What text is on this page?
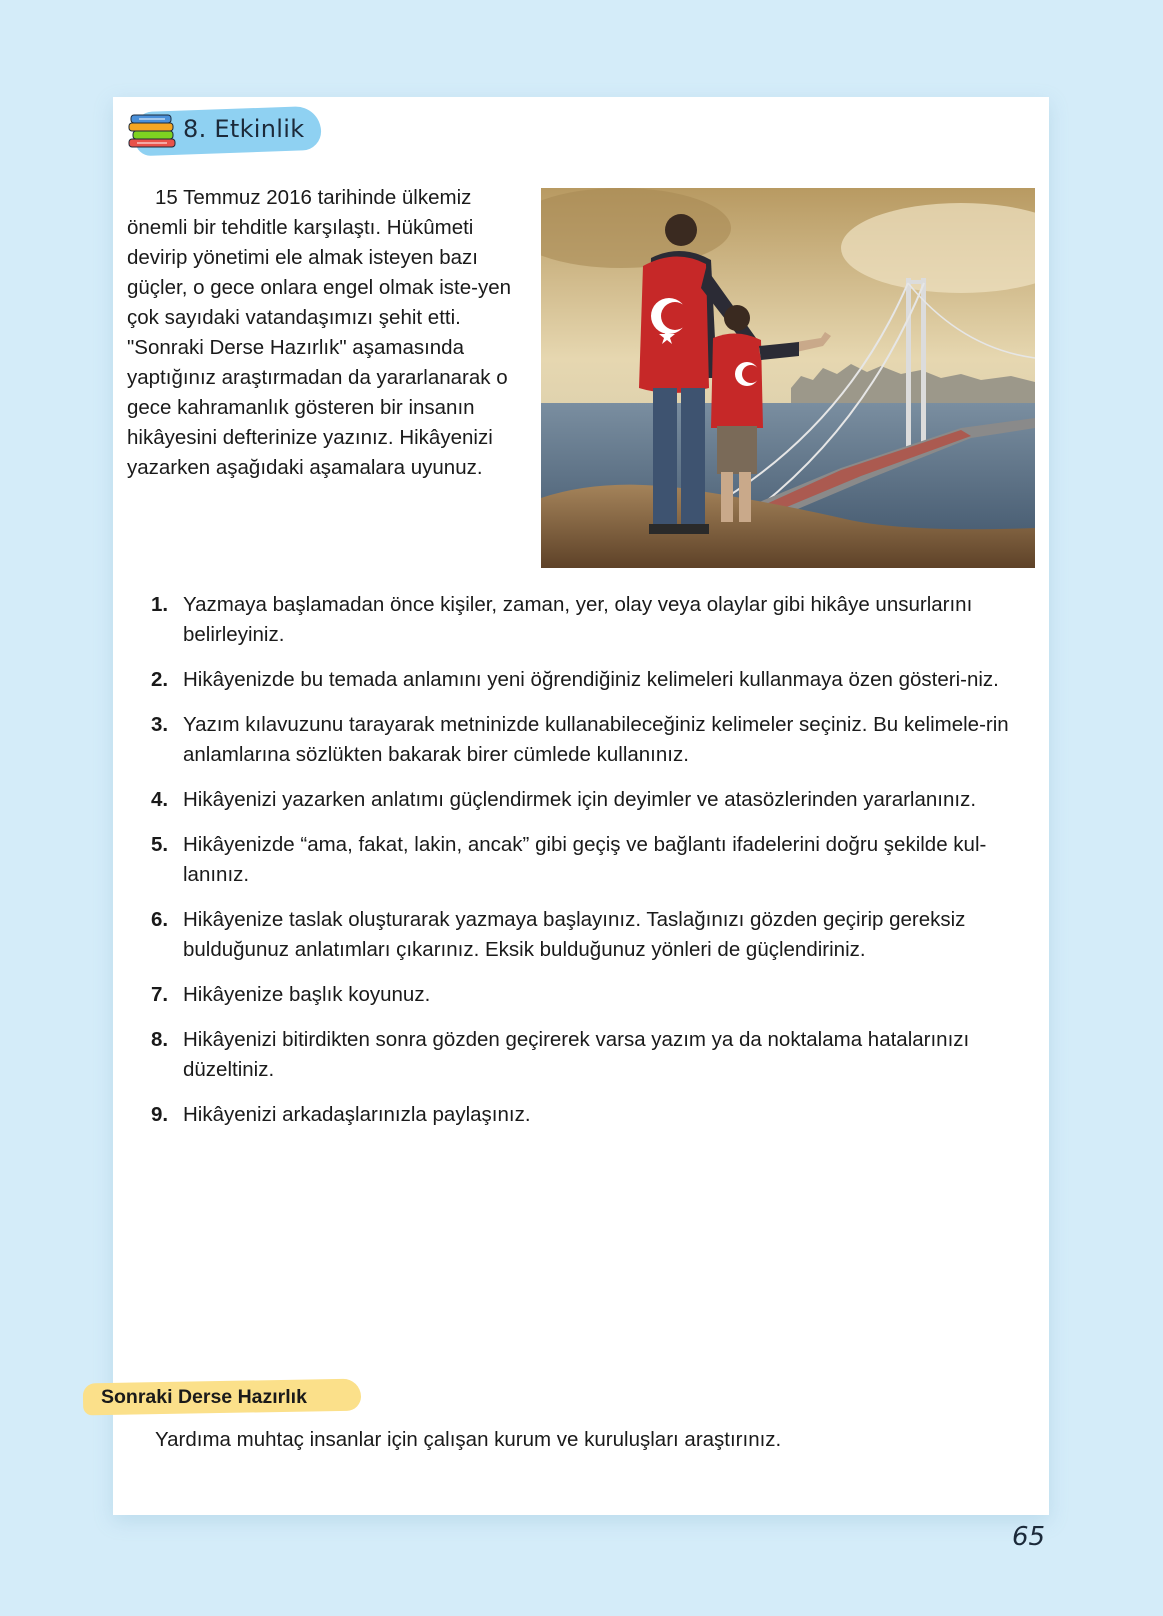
8. Etkinlik

15 Temmuz 2016 tarihinde ülkemiz önemli bir tehditle karşılaştı. Hükûmeti devirip yönetimi ele almak isteyen bazı güçler, o gece onlara engel olmak iste-yen çok sayıdaki vatandaşımızı şehit etti. "Sonraki Derse Hazırlık" aşamasında yaptığınız araştırmadan da yararlanarak o gece kahramanlık gösteren bir insanın hikâyesini defterinize yazınız. Hikâyenizi yazarken aşağıdaki aşamalara uyunuz.

1. Yazmaya başlamadan önce kişiler, zaman, yer, olay veya olaylar gibi hikâye unsurlarını belirleyiniz.
2. Hikâyenizde bu temada anlamını yeni öğrendiğiniz kelimeleri kullanmaya özen gösteri-niz.
3. Yazım kılavuzunu tarayarak metninizde kullanabileceğiniz kelimeler seçiniz. Bu kelimele-rin anlamlarına sözlükten bakarak birer cümlede kullanınız.
4. Hikâyenizi yazarken anlatımı güçlendirmek için deyimler ve atasözlerinden yararlanınız.
5. Hikâyenizde “ama, fakat, lakin, ancak” gibi geçiş ve bağlantı ifadelerini doğru şekilde kul-lanınız.
6. Hikâyenize taslak oluşturarak yazmaya başlayınız. Taslağınızı gözden geçirip gereksiz bulduğunuz anlatımları çıkarınız. Eksik bulduğunuz yönleri de güçlendiriniz.
7. Hikâyenize başlık koyunuz.
8. Hikâyenizi bitirdikten sonra gözden geçirerek varsa yazım ya da noktalama hatalarınızı düzeltiniz.
9. Hikâyenizi arkadaşlarınızla paylaşınız.
Sonraki Derse Hazırlık

Yardıma muhtaç insanlar için çalışan kurum ve kuruluşları araştırınız.

65
